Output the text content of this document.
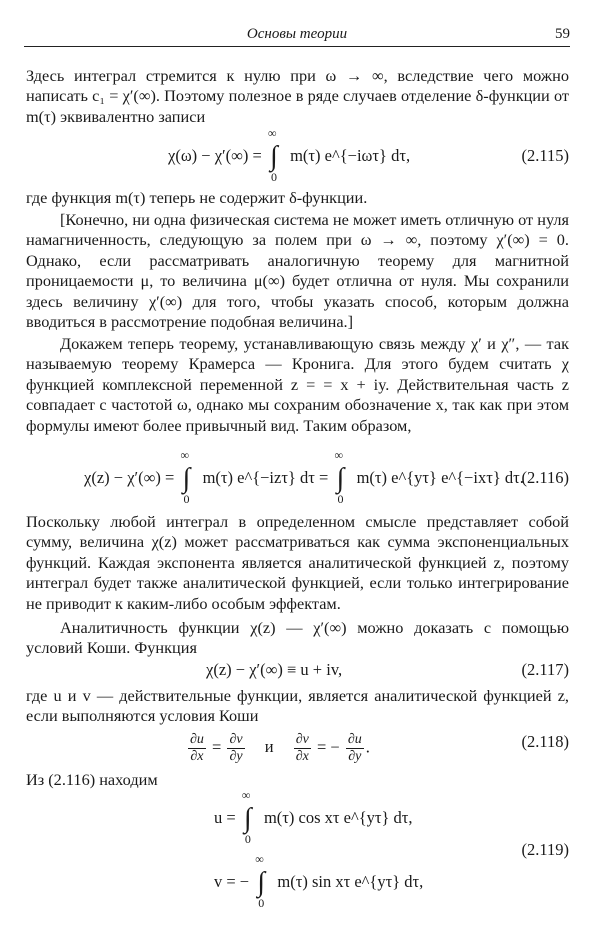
Основы теории	59

Здесь интеграл стремится к нулю при ω → ∞, вследствие чего можно написать c₁ = χ′(∞). Поэтому полезное в ряде случаев отделение δ-функции от m(τ) эквивалентно записи

χ(ω) − χ′(∞) =
∞
∫
0
m(τ) e^{−iωτ} dτ,	(2.115)

где функция m(τ) теперь не содержит δ-функции.

[Конечно, ни одна физическая система не может иметь отличную от нуля намагниченность, следующую за полем при ω → ∞, поэтому χ′(∞) = 0. Однако, если рассматривать аналогичную теорему для магнитной проницаемости μ, то величина μ(∞) будет отлична от нуля. Мы сохранили здесь величину χ′(∞) для того, чтобы указать способ, которым должна вводиться в рассмотрение подобная величина.]

Докажем теперь теорему, устанавливающую связь между χ′ и χ″, — так называемую теорему Крамерса — Кронига. Для этого будем считать χ функцией комплексной переменной z = = x + iy. Действительная часть z совпадает с частотой ω, однако мы сохраним обозначение x, так как при этом формулы имеют более привычный вид. Таким образом,

χ(z) − χ′(∞) =
∞
∫
0
m(τ) e^{−izτ} dτ =
∞
∫
0
m(τ) e^{yτ} e^{−ixτ} dτ.
(2.116)

Поскольку любой интеграл в определенном смысле представляет собой сумму, величина χ(z) может рассматриваться как сумма экспоненциальных функций. Каждая экспонента является аналитической функцией z, поэтому интеграл будет также аналитической функцией, если только интегрирование не приводит к каким-либо особым эффектам.

Аналитичность функции χ(z) — χ′(∞) можно доказать с помощью условий Коши. Функция

χ(z) − χ′(∞) ≡ u + iv,	(2.117)

где u и v — действительные функции, является аналитической функцией z, если выполняются условия Коши

$\frac{\partial u}{\partial x} = \frac{\partial v}{\partial y}$ и $\frac{\partial v}{\partial x}$ = − $\frac{\partial u}{\partial y}$ .	(2.118)

Из (2.116) находим

u =
∞
∫
0
m(τ) cos xτ e^{yτ} dτ,
(2.119)
v = −
∞
∫
0
m(τ) sin xτ e^{yτ} dτ,
